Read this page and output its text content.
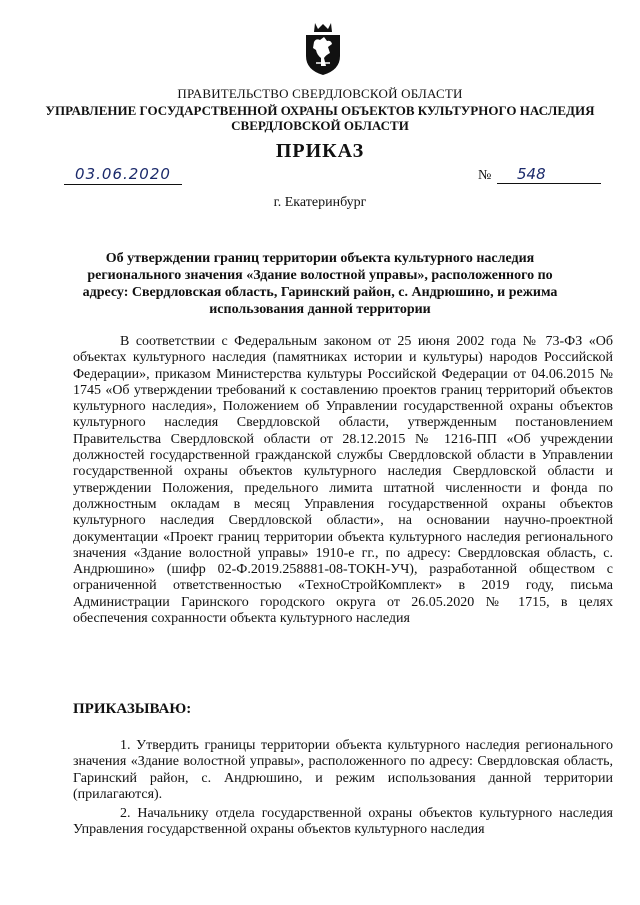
ПРАВИТЕЛЬСТВО СВЕРДЛОВСКОЙ ОБЛАСТИ
УПРАВЛЕНИЕ ГОСУДАРСТВЕННОЙ ОХРАНЫ ОБЪЕКТОВ КУЛЬТУРНОГО НАСЛЕДИЯ
СВЕРДЛОВСКОЙ ОБЛАСТИ
ПРИКАЗ
03.06.2020	№	548
г. Екатеринбург
Об утверждении границ территории объекта культурного наследия регионального значения «Здание волостной управы», расположенного по адресу: Свердловская область, Гаринский район, с. Андрюшино, и режима использования данной территории
В соответствии с Федеральным законом от 25 июня 2002 года № 73-ФЗ «Об объектах культурного наследия (памятниках истории и культуры) народов Российской Федерации», приказом Министерства культуры Российской Федерации от 04.06.2015 № 1745 «Об утверждении требований к составлению проектов границ территорий объектов культурного наследия», Положением об Управлении государственной охраны объектов культурного наследия Свердловской области, утвержденным постановлением Правительства Свердловской области от 28.12.2015 № 1216-ПП «Об учреждении должностей государственной гражданской службы Свердловской области в Управлении государственной охраны объектов культурного наследия Свердловской области и утверждении Положения, предельного лимита штатной численности и фонда по должностным окладам в месяц Управления государственной охраны объектов культурного наследия Свердловской области», на основании научно-проектной документации «Проект границ территории объекта культурного наследия регионального значения «Здание волостной управы» 1910-е гг., по адресу: Свердловская область, с. Андрюшино» (шифр 02-Ф.2019.258881-08-ТОКН-УЧ), разработанной обществом с ограниченной ответственностью «ТехноСтройКомплект» в 2019 году, письма Администрации Гаринского городского округа от 26.05.2020 № 1715, в целях обеспечения сохранности объекта культурного наследия
ПРИКАЗЫВАЮ:
1. Утвердить границы территории объекта культурного наследия регионального значения «Здание волостной управы», расположенного по адресу: Свердловская область, Гаринский район, с. Андрюшино, и режим использования данной территории (прилагаются).
2. Начальнику отдела государственной охраны объектов культурного наследия Управления государственной охраны объектов культурного наследия
